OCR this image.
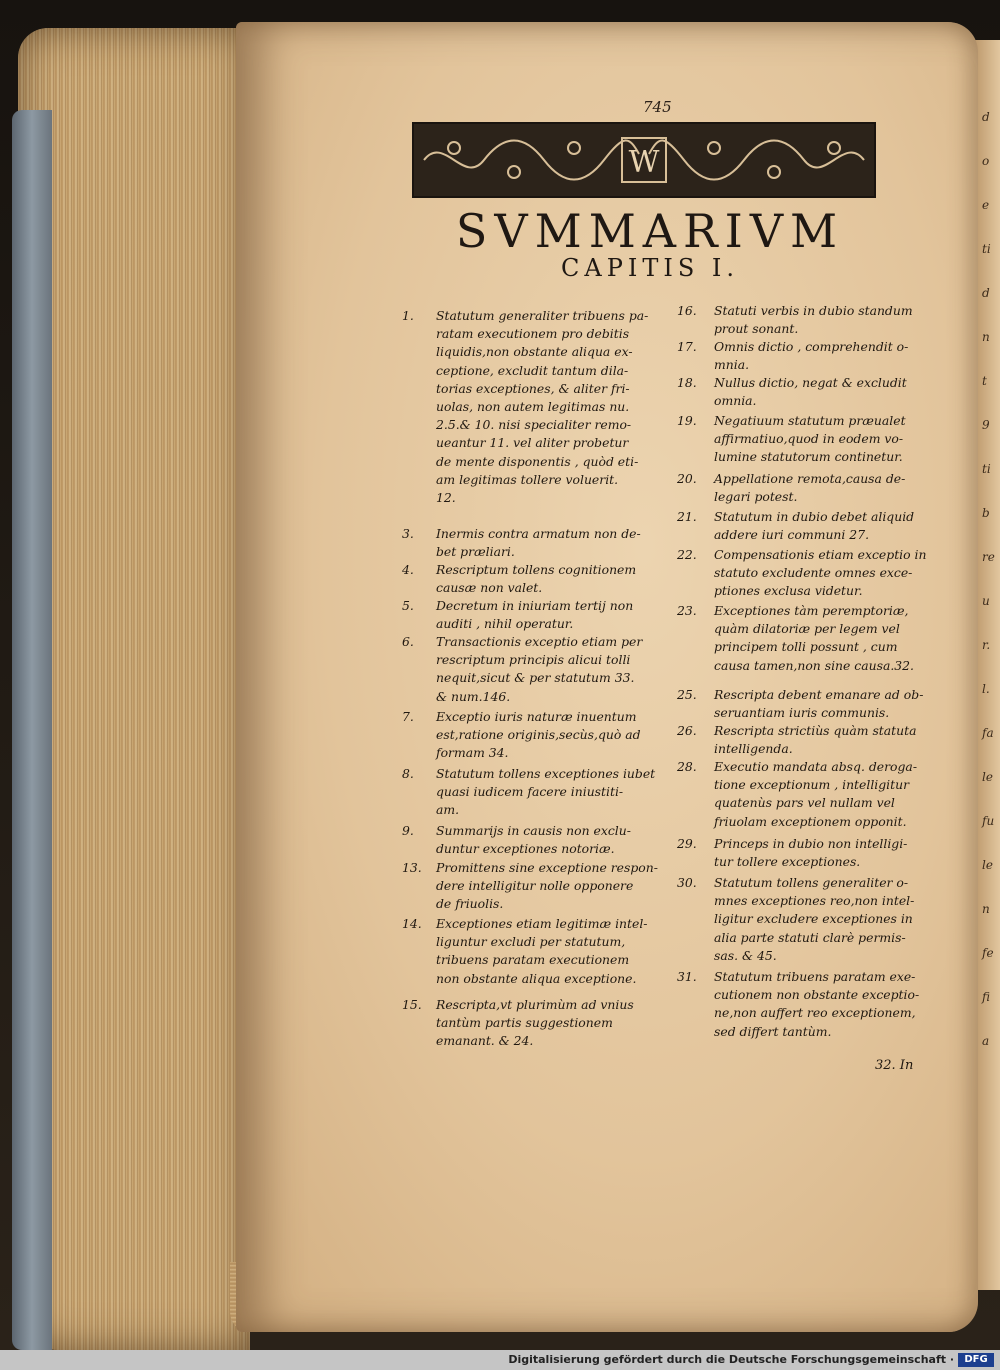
d
o
e
ti
d
n
t
9
ti
b
re
u
r.
l.
fa
le
fu
le
n
fe
fi
a
745
W
SVMMARIVM
CAPITIS I.
1. Statutum generaliter tribuens pa-
ratam executionem pro debitis
liquidis,non obstante aliqua ex-
ceptione, excludit tantum dila-
torias exceptiones, & aliter fri-
uolas, non autem legitimas nu.
2.5.& 10. nisi specialiter remo-
ueantur 11. vel aliter probetur
de mente disponentis , quòd eti-
am legitimas tollere voluerit.
12.
3. Inermis contra armatum non de-
bet præliari.
4. Rescriptum tollens cognitionem
causæ non valet.
5. Decretum in iniuriam tertij non
auditi , nihil operatur.
6. Transactionis exceptio etiam per
rescriptum principis alicui tolli
nequit,sicut & per statutum 33.
& num.146.
7. Exceptio iuris naturæ inuentum
est,ratione originis,secùs,quò ad
formam 34.
8. Statutum tollens exceptiones iubet
quasi iudicem facere iniustiti-
am.
9. Summarijs in causis non exclu-
duntur exceptiones notoriæ.
13. Promittens sine exceptione respon-
dere intelligitur nolle opponere
de friuolis.
14. Exceptiones etiam legitimæ intel-
liguntur excludi per statutum,
tribuens paratam executionem
non obstante aliqua exceptione.
15. Rescripta,vt plurimùm ad vnius
tantùm partis suggestionem
emanant. & 24.
16. Statuti verbis in dubio standum
prout sonant.
17. Omnis dictio , comprehendit o-
mnia.
18. Nullus dictio, negat & excludit
omnia.
19. Negatiuum statutum præualet
affirmatiuo,quod in eodem vo-
lumine statutorum continetur.
20. Appellatione remota,causa de-
legari potest.
21. Statutum in dubio debet aliquid
addere iuri communi 27.
22. Compensationis etiam exceptio in
statuto excludente omnes exce-
ptiones exclusa videtur.
23. Exceptiones tàm peremptoriæ,
quàm dilatoriæ per legem vel
principem tolli possunt , cum
causa tamen,non sine causa.32.
25. Rescripta debent emanare ad ob-
seruantiam iuris communis.
26. Rescripta strictiùs quàm statuta
intelligenda.
28. Executio mandata absq. deroga-
tione exceptionum , intelligitur
quatenùs pars vel nullam vel
friuolam exceptionem opponit.
29. Princeps in dubio non intelligi-
tur tollere exceptiones.
30. Statutum tollens generaliter o-
mnes exceptiones reo,non intel-
ligitur excludere exceptiones in
alia parte statuti clarè permis-
sas. & 45.
31. Statutum tribuens paratam exe-
cutionem non obstante exceptio-
ne,non auffert reo exceptionem,
sed differt tantùm.
32. In
Digitalisierung gefördert durch die Deutsche Forschungsgemeinschaft ·	DFG
